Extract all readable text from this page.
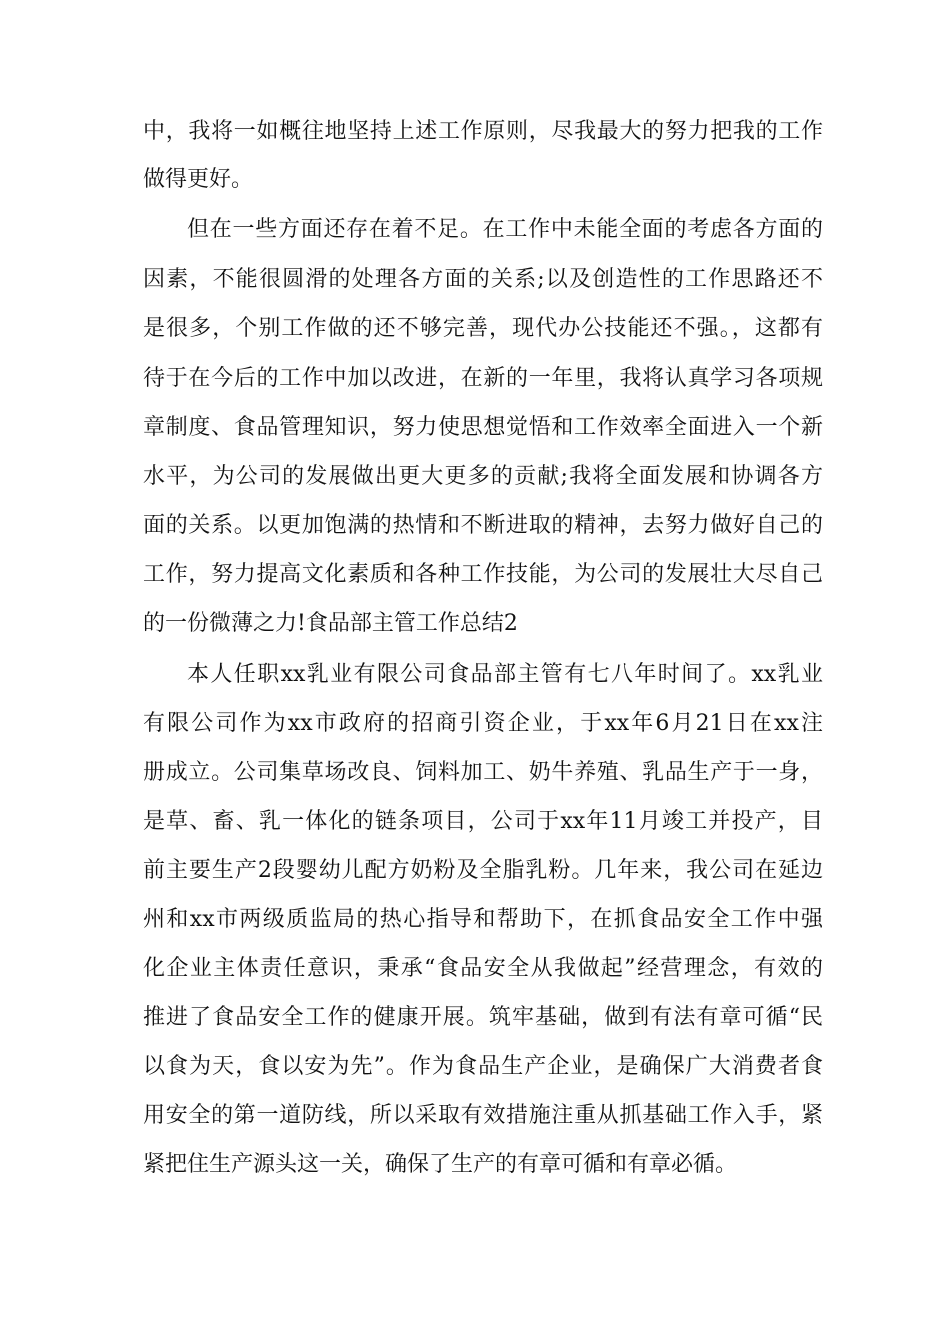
中，我将一如概往地坚持上述工作原则，尽我最大的努力把我的工作
做得更好。
但在一些方面还存在着不足。在工作中未能全面的考虑各方面的
因素，不能很圆滑的处理各方面的关系;以及创造性的工作思路还不
是很多，个别工作做的还不够完善，现代办公技能还不强。，这都有
待于在今后的工作中加以改进，在新的一年里，我将认真学习各项规
章制度、食品管理知识，努力使思想觉悟和工作效率全面进入一个新
水平，为公司的发展做出更大更多的贡献;我将全面发展和协调各方
面的关系。以更加饱满的热情和不断进取的精神，去努力做好自己的
工作，努力提高文化素质和各种工作技能，为公司的发展壮大尽自己
的一份微薄之力!食品部主管工作总结2
本人任职xx乳业有限公司食品部主管有七八年时间了。xx乳业
有限公司作为xx市政府的招商引资企业，于xx年6月21日在xx注
册成立。公司集草场改良、饲料加工、奶牛养殖、乳品生产于一身，
是草、畜、乳一体化的链条项目，公司于xx年11月竣工并投产，目
前主要生产2段婴幼儿配方奶粉及全脂乳粉。几年来，我公司在延边
州和xx市两级质监局的热心指导和帮助下，在抓食品安全工作中强
化企业主体责任意识，秉承“食品安全从我做起”经营理念，有效的
推进了食品安全工作的健康开展。筑牢基础，做到有法有章可循“民
以食为天，食以安为先”。作为食品生产企业，是确保广大消费者食
用安全的第一道防线，所以采取有效措施注重从抓基础工作入手，紧
紧把住生产源头这一关，确保了生产的有章可循和有章必循。
